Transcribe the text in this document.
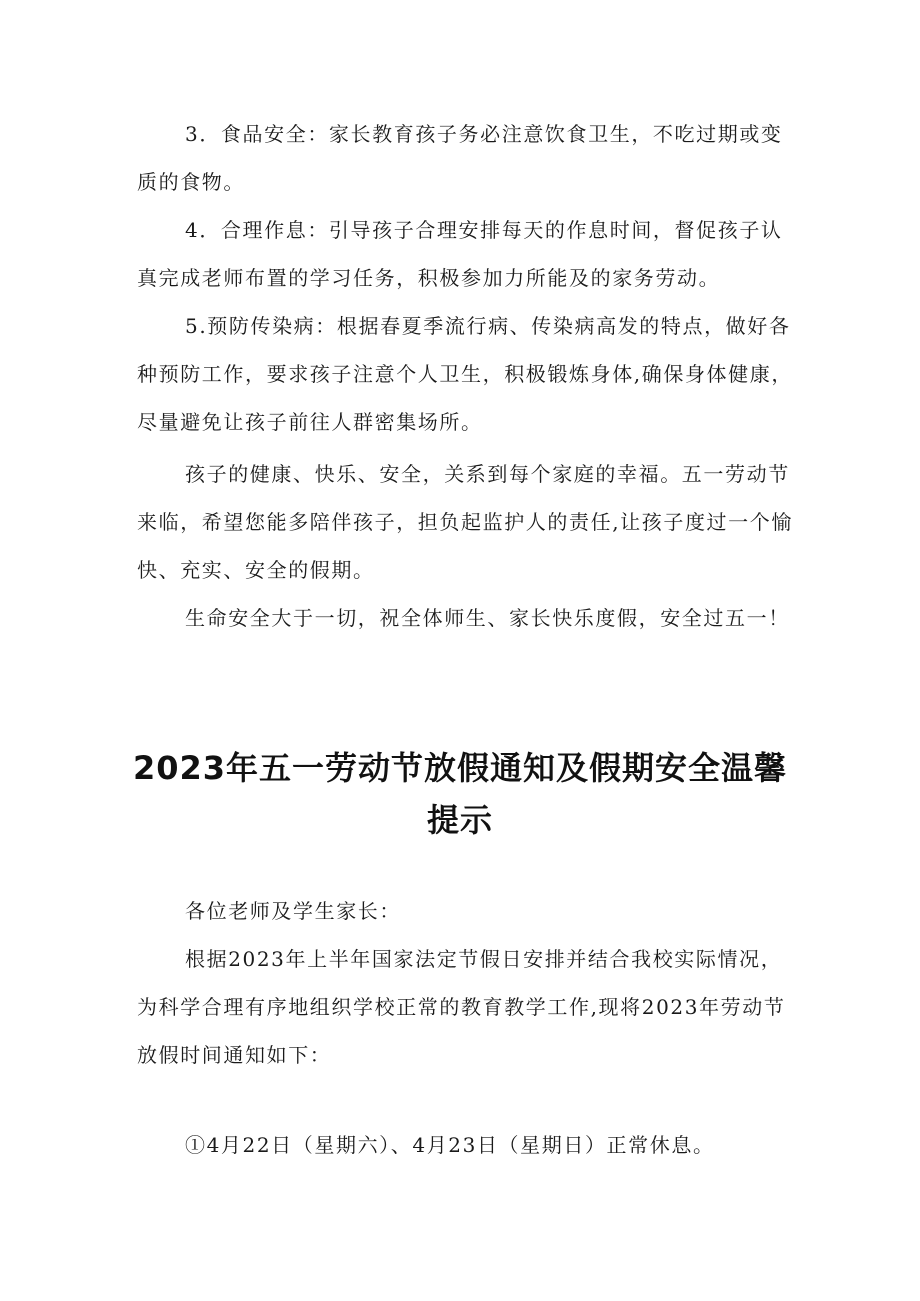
3．食品安全：家长教育孩子务必注意饮食卫生，不吃过期或变质的食物。

4．合理作息：引导孩子合理安排每天的作息时间，督促孩子认真完成老师布置的学习任务，积极参加力所能及的家务劳动。

5.预防传染病：根据春夏季流行病、传染病高发的特点，做好各种预防工作，要求孩子注意个人卫生，积极锻炼身体,确保身体健康，尽量避免让孩子前往人群密集场所。

孩子的健康、快乐、安全，关系到每个家庭的幸福。五一劳动节来临，希望您能多陪伴孩子，担负起监护人的责任,让孩子度过一个愉快、充实、安全的假期。

生命安全大于一切，祝全体师生、家长快乐度假，安全过五一！

2023年五一劳动节放假通知及假期安全温馨提示

各位老师及学生家长：

根据2023年上半年国家法定节假日安排并结合我校实际情况，为科学合理有序地组织学校正常的教育教学工作,现将2023年劳动节放假时间通知如下：

①4月22日（星期六）、4月23日（星期日）正常休息。
